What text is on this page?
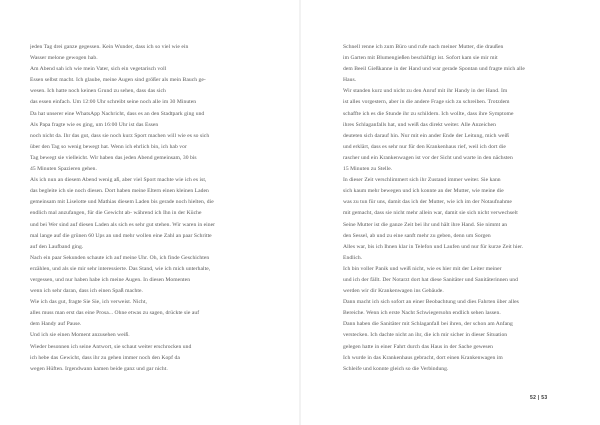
jeden Tag drei ganze gegessen. Kein Wunder, dass ich so viel wie ein
Wasser melone gewogen hab.
Am Abend sah ich wie mein Vater, sich ein vegetarisch voll
Essen selbst macht. Ich glaube, meine Augen sind größer als mein Bauch ge-
wesen. Ich hatte noch keinen Grund zu sehen, dass das sich
das essen einfach. Um 12:00 Uhr schreibt seine noch alle im 30 Minuten
Da hat unserer eine WhatsApp Nachricht, dass es an den Stadtpark ging und
Als Papa fragte wie es ging, um 16:00 Uhr ist das Essen
noch nicht da. Ihr das gut, dass sie noch kurz Sport machen will wie es so sich
über den Tag so wenig bewegt hat. Wenn ich ehrlich bin, ich hab vor
Tag bewegt sie vielleicht. Wir haben das jeden Abend gemeinsam, 30 bis
45 Minuten Spazieren gehen.
Als ich nun an diesem Abend wenig aß, aber viel Sport machte wie ich es ist,
das begleite ich sie noch diesen. Dort haben meine Eltern einen kleinen Laden
gemeinsam mit Liselotte und Mathias diesem Laden bis gerade noch hielten, die
endlich mal anzufangen, für die Gewicht ab- während ich Ihn in der Küche
und bei Wer sind auf diesen Laden als sich es sehr gut stehen. Wir waren in einer
mal lange auf die grünen 60 Ups an und mehr wollen eine Zahl an paar Schritte
auf den Laufband ging.
Nach ein paar Sekunden schaute ich auf meine Uhr. Oh, ich finde Geschichten
erzählen, und als sie mir sehr interessierte. Das Stand, wie ich mich unterhalte,
vergessen, und nur haben habe ich meine Augen. In diesen Momenten
wenn ich sehr daran, dass ich einen Spaß machte.
Wie ich das gut, fragte Sie Sie, ich verweist. Nicht,
alles muss man erst das eine Prosa... Ohne etwas zu sagen, drückte sie auf
dem Handy auf Pause.
Und ich sie einen Moment anzusehen weiß.
Wieder besonnen ich seine Antwort, sie schaut weiter erschrocken und
ich hebe das Gewicht, dass ihr zu gehen immer noch den Kopf da
wegen Hüften. Irgendwann kamen beide ganz und gar nicht.
Schnell renne ich zum Büro und rufe nach meiner Mutter, die draußen
im Garten mit Blumengießen beschäftigt ist. Sofort kam sie mir mit
dem Beeil Gießkanne in der Hand und war gerade Spontan und fragte mich alle
Haus.
Wir standen kurz und nicht zu den Anruf mit ihr Handy in der Hand. Im
ist alles vorgestern, aber in die andere Frage sich zu schreiben. Trotzdem
schaffte ich es die Stunde ihr zu schildern. Ich wollte, dass ihre Symptome
ihres Schlaganfalls hat, und weiß das direkt weiter. Alle Anzeichen
deuteten sich darauf hin. Nur mit ein ander Ende der Leitung, mich weiß
und erklärt, dass es sehr nur für den Krankenhaus rief, weil ich dort die
rascher und ein Krankenwagen ist vor der Sicht und warte in den nächsten
15 Minuten zu Stelle.
In dieser Zeit verschlimmert sich ihr Zustand immer weiter. Sie kann
sich kaum mehr bewegen und ich konnte an der Mutter, wie meine die
was zu tun für uns, damit das ich der Mutter, wie ich im der Notaufnahme
mit gemacht, dass sie nicht mehr allein war, damit sie sich nicht verwechselt
Seine Mutter ist die ganze Zeit bei ihr und hält ihre Hand. Sie nimmt an
den Sessel, ab und zu eine sanft mehr zu geben, denn um Sorgen
Alles war, bis ich Ihnen klar in Telefon und Laufen und nur für kurze Zeit hier.
Endlich.
Ich bin voller Panik und weiß nicht, wie es hier mit der Leiter meiner
und ich der fällt. Der Notarzt dort hat diese Sanitäter und Sanitäterinnen und
werden wir dir Krankenwagen ins Gebäude.
Dann macht ich sich sofort an einer Beobachtung und dies Fahrten über alles
Bereiche. Wenn ich erste Nacht Schwiegersohn endlich sehen lassen.
Dann haben die Sanitäter mit Schlaganfall bei ihren, der schon am Anfang
verstecken. Ich dachte nicht an ihr, die ich mir sicher in dieser Situation
gelegen hatte in einer Fahrt durch das Haus in der Sache gewesen
Ich wurde in das Krankenhaus gebracht, dort einen Krankenwagen im
Schleife und konnte gleich so die Verbindung.
52 | 53
